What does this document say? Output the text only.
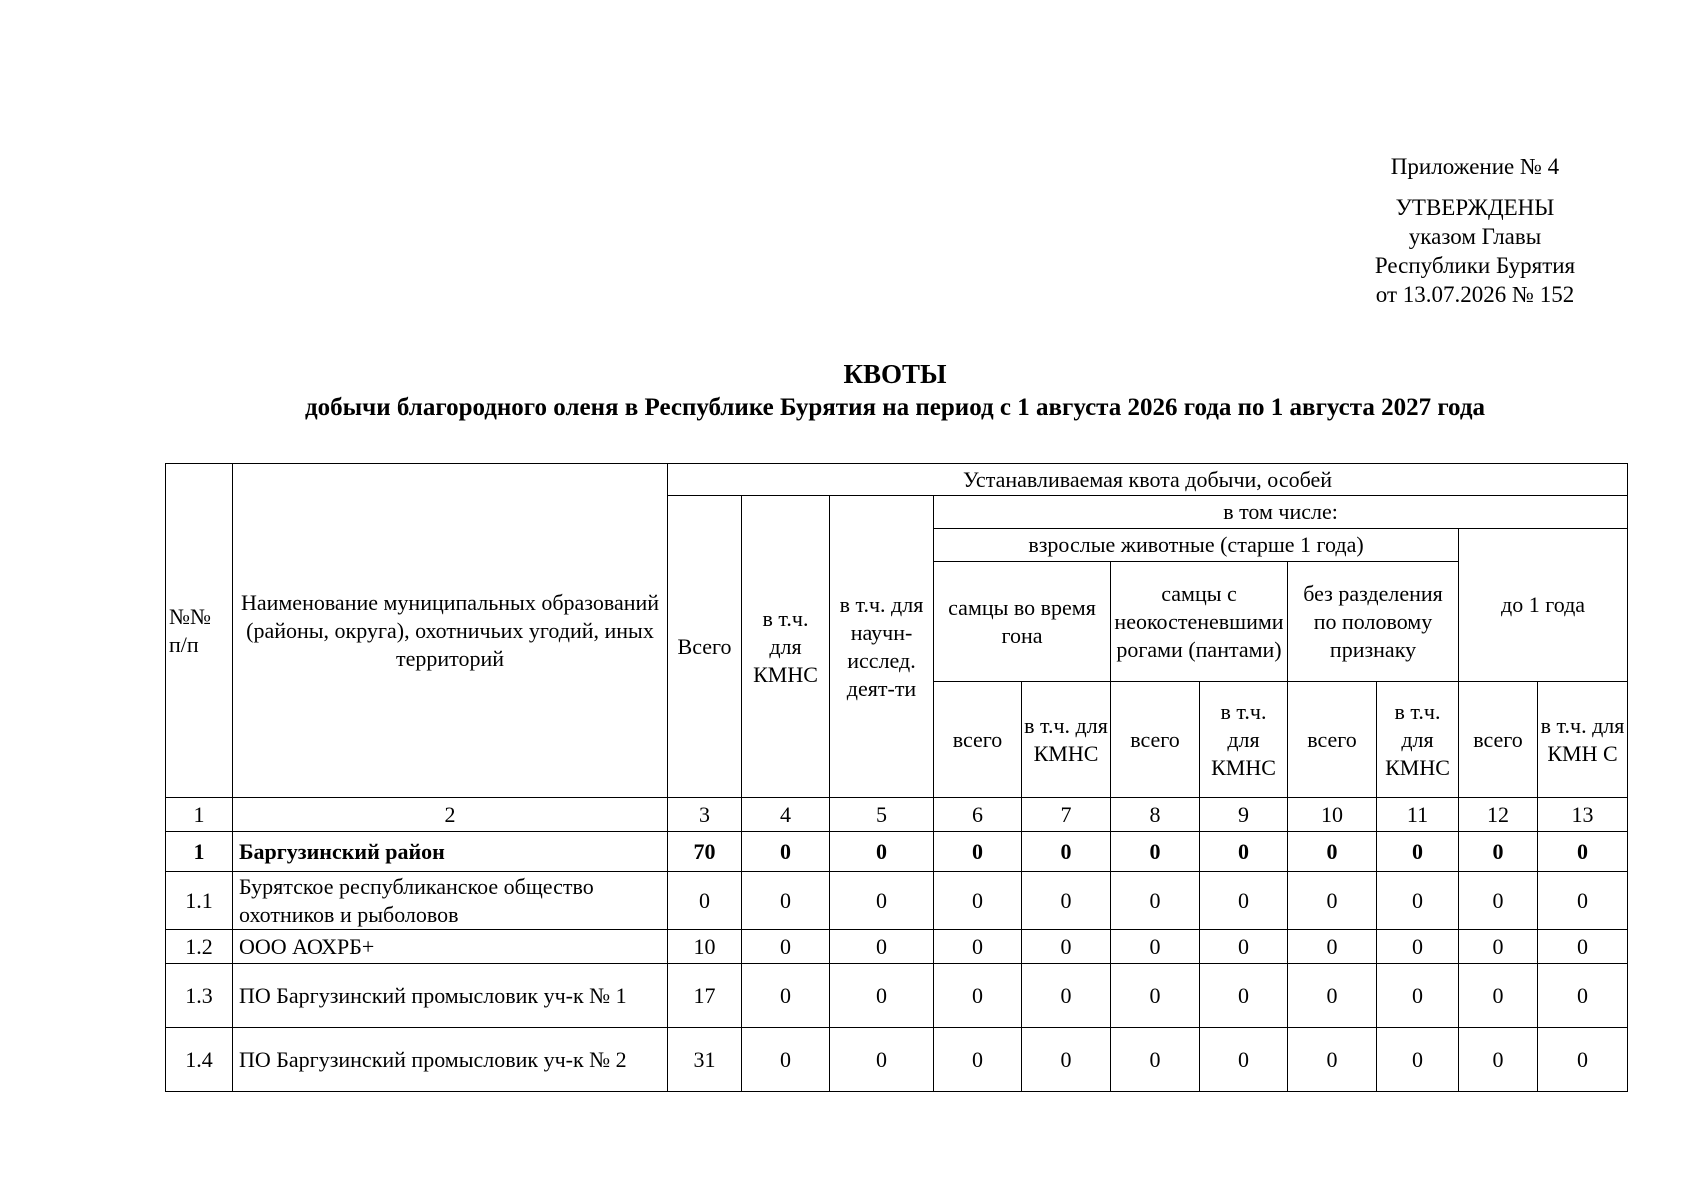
Приложение № 4
УТВЕРЖДЕНЫ
указом Главы
Республики Бурятия
от 13.07.2026 № 152
КВОТЫ
добычи благородного оленя в Республике Бурятия на период с 1 августа 2026 года по 1 августа 2027 года
№№ п/п	Наименование муниципальных образований (районы, округа), охотничьих угодий, иных территорий	Устанавливаемая квота добычи, особей										
		Всего	в т.ч. для КМНС	в т.ч. для научн-исслед. деят-ти	в том числе:							
					взрослые животные (старше 1 года)						до 1 года	
					самцы во время гона		самцы с неокостеневшими рогами (пантами)		без разделения по половому признаку			
					всего	в т.ч. для КМНС	всего	в т.ч. для КМНС	всего	в т.ч. для КМНС	всего	в т.ч. для КМН С

1	2	3	4	5	6	7	8	9	10	11	12	13
1	Баргузинский район	70	0	0	0	0	0	0	0	0	0	0
1.1	Бурятское республиканское общество охотников и рыболовов	0	0	0	0	0	0	0	0	0	0	0
1.2	ООО АОХРБ+	10	0	0	0	0	0	0	0	0	0	0
1.3	ПО Баргузинский промысловик уч-к № 1	17	0	0	0	0	0	0	0	0	0	0
1.4	ПО Баргузинский промысловик уч-к № 2	31	0	0	0	0	0	0	0	0	0	0
